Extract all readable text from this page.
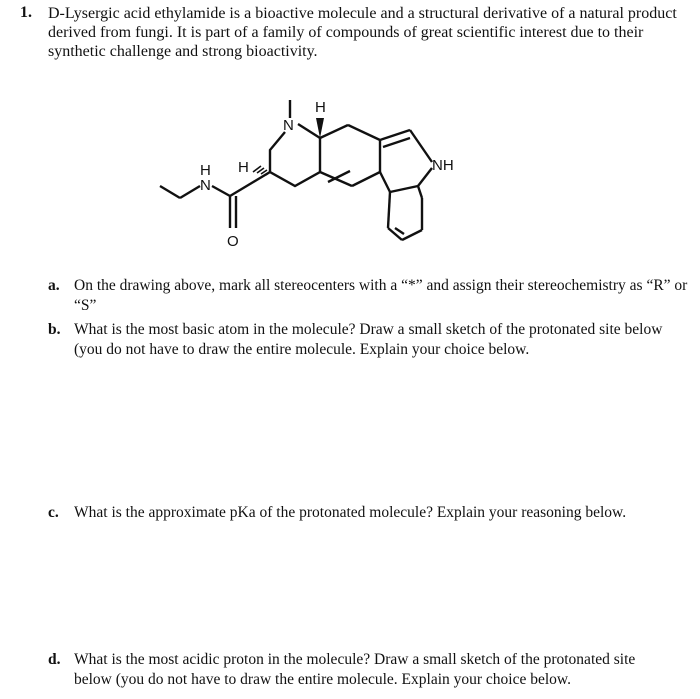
1. D-Lysergic acid ethylamide is a bioactive molecule and a structural derivative of a natural product derived from fungi. It is part of a family of compounds of great scientific interest due to their synthetic challenge and strong bioactivity.
N
H
NH
H
N
H
O
a. On the drawing above, mark all stereocenters with a “*” and assign their stereochemistry as “R” or “S”
b. What is the most basic atom in the molecule? Draw a small sketch of the protonated site below (you do not have to draw the entire molecule. Explain your choice below.
c. What is the approximate pKa of the protonated molecule? Explain your reasoning below.
d. What is the most acidic proton in the molecule? Draw a small sketch of the protonated site below (you do not have to draw the entire molecule. Explain your choice below.
